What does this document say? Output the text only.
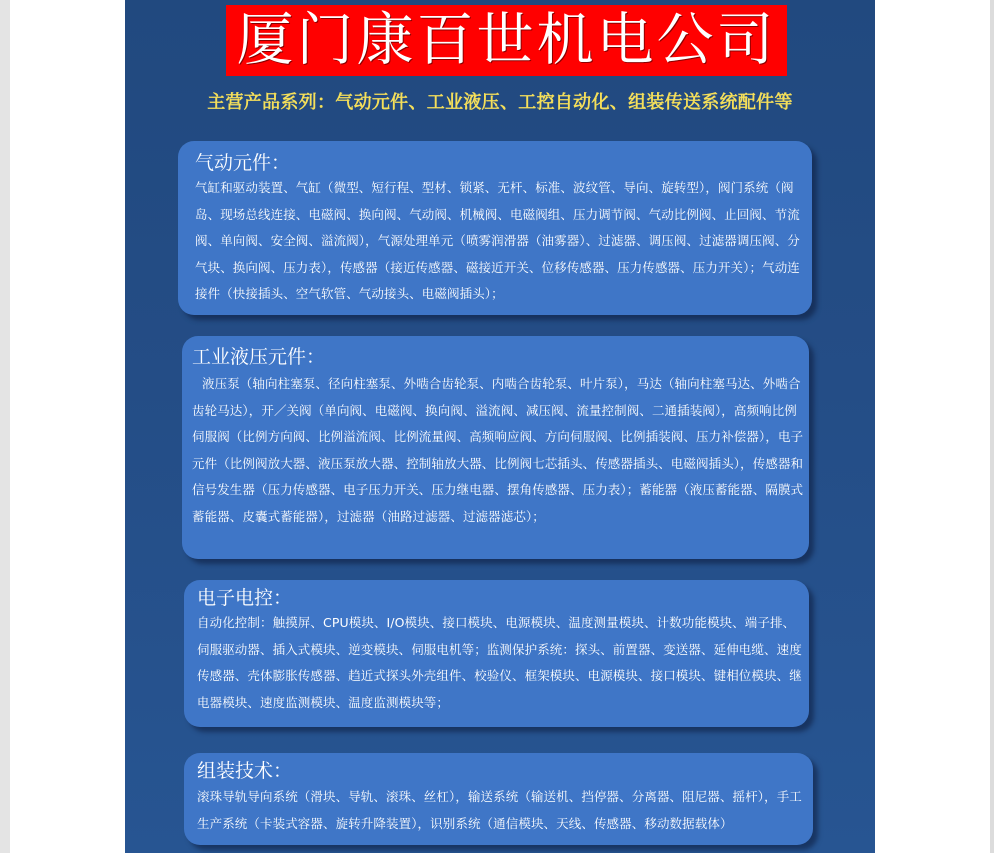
厦门康百世机电公司
主营产品系列：气动元件、工业液压、工控自动化、组装传送系统配件等
气动元件：
气缸和驱动装置、气缸（微型、短行程、型材、锁紧、无杆、标准、波纹管、导向、旋转型），阀门系统（阀岛、现场总线连接、电磁阀、换向阀、气动阀、机械阀、电磁阀组、压力调节阀、气动比例阀、止回阀、节流阀、单向阀、安全阀、溢流阀），气源处理单元（喷雾润滑器（油雾器）、过滤器、调压阀、过滤器调压阀、分气块、换向阀、压力表），传感器（接近传感器、磁接近开关、位移传感器、压力传感器、压力开关）；气动连接件（快接插头、空气软管、气动接头、电磁阀插头）；
工业液压元件：
液压泵（轴向柱塞泵、径向柱塞泵、外啮合齿轮泵、内啮合齿轮泵、叶片泵），马达（轴向柱塞马达、外啮合齿轮马达），开／关阀（单向阀、电磁阀、换向阀、溢流阀、减压阀、流量控制阀、二通插装阀），高频响比例伺服阀（比例方向阀、比例溢流阀、比例流量阀、高频响应阀、方向伺服阀、比例插装阀、压力补偿器），电子元件（比例阀放大器、液压泵放大器、控制轴放大器、比例阀七芯插头、传感器插头、电磁阀插头），传感器和信号发生器（压力传感器、电子压力开关、压力继电器、摆角传感器、压力表）；蓄能器（液压蓄能器、隔膜式蓄能器、皮囊式蓄能器），过滤器（油路过滤器、过滤器滤芯）；
电子电控：
自动化控制：触摸屏、CPU模块、I/O模块、接口模块、电源模块、温度测量模块、计数功能模块、端子排、伺服驱动器、插入式模块、逆变模块、伺服电机等；监测保护系统：探头、前置器、变送器、延伸电缆、速度传感器、壳体膨胀传感器、趋近式探头外壳组件、校验仪、框架模块、电源模块、接口模块、键相位模块、继电器模块、速度监测模块、温度监测模块等；
组装技术：
滚珠导轨导向系统（滑块、导轨、滚珠、丝杠），输送系统（输送机、挡停器、分离器、阻尼器、摇杆），手工生产系统（卡装式容器、旋转升降装置），识别系统（通信模块、天线、传感器、移动数据载体）
